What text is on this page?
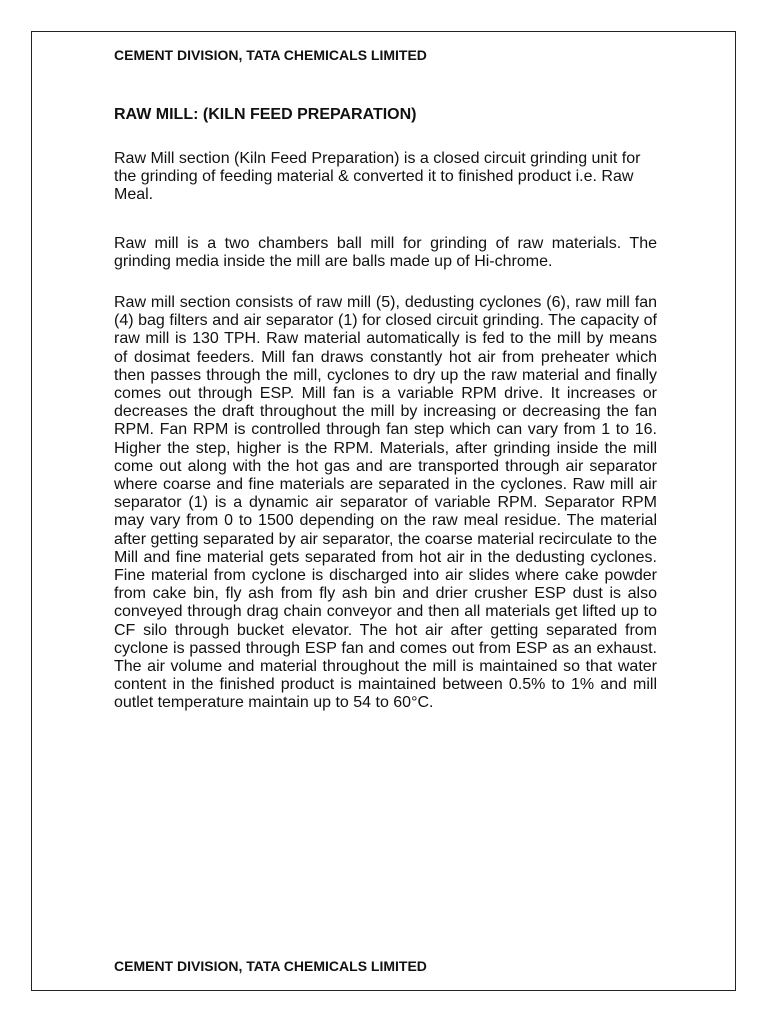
CEMENT DIVISION, TATA CHEMICALS LIMITED
RAW MILL: (KILN FEED PREPARATION)

Raw Mill section (Kiln Feed Preparation) is a closed circuit grinding unit for the grinding of feeding material & converted it to finished product i.e. Raw Meal.

Raw mill is a two chambers ball mill for grinding of raw materials. The grinding media inside the mill are balls made up of Hi-chrome.

Raw mill section consists of raw mill (5), dedusting cyclones (6), raw mill fan (4) bag filters and air separator (1) for closed circuit grinding. The capacity of raw mill is 130 TPH. Raw material automatically is fed to the mill by means of dosimat feeders. Mill fan draws constantly hot air from preheater which then passes through the mill, cyclones to dry up the raw material and finally comes out through ESP. Mill fan is a variable RPM drive. It increases or decreases the draft throughout the mill by increasing or decreasing the fan RPM. Fan RPM is controlled through fan step which can vary from 1 to 16. Higher the step, higher is the RPM. Materials, after grinding inside the mill come out along with the hot gas and are transported through air separator where coarse and fine materials are separated in the cyclones. Raw mill air separator (1) is a dynamic air separator of variable RPM. Separator RPM may vary from 0 to 1500 depending on the raw meal residue. The material after getting separated by air separator, the coarse material recirculate to the Mill and fine material gets separated from hot air in the dedusting cyclones. Fine material from cyclone is discharged into air slides where cake powder from cake bin, fly ash from fly ash bin and drier crusher ESP dust is also conveyed through drag chain conveyor and then all materials get lifted up to CF silo through bucket elevator. The hot air after getting separated from cyclone is passed through ESP fan and comes out from ESP as an exhaust. The air volume and material throughout the mill is maintained so that water content in the finished product is maintained between 0.5% to 1% and mill outlet temperature maintain up to 54 to 60°C.

CEMENT DIVISION, TATA CHEMICALS LIMITED
